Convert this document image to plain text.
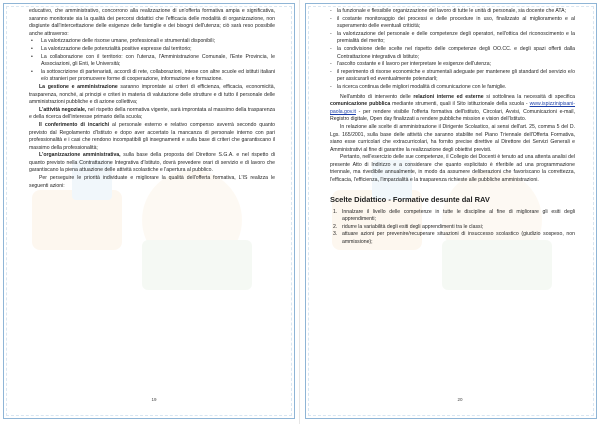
educativo, che amministrativo, concorrono alla realizzazione di un'offerta formativa ampia e significativa, saranno monitorate sia la qualità dei percorsi didattici che l'efficacia delle modalità di organizzazione, non disgiunte dall'intercettazione delle esigenze delle famiglie e dei bisogni dell'utenza; ciò sarà reso possibile anche attraverso:

• La valorizzazione delle risorse umane, professionali e strumentali disponibili;
• La valorizzazione delle potenzialità positive espresse dal territorio;
• La collaborazione con il territorio: con l'utenza, l'Amministrazione Comunale, l'Ente Provincia, le Associazioni, gli Enti, le Università;
• la sottoscrizione di partenariati, accordi di rete, collaborazioni, intese con altre scuole ed istituti italiani e/o stranieri per promuovere forme di cooperazione, informazione e formazione.

La gestione e amministrazione saranno improntate ai criteri di efficienza, efficacia, economicità, trasparenza, nonché, ai principi e criteri in materia di valutazione delle strutture e di tutto il personale delle amministrazioni pubbliche e di azione collettiva;

L'attività negoziale, nel rispetto della normativa vigente, sarà improntata al massimo della trasparenza e della ricerca dell'interesse primario della scuola;

Il conferimento di incarichi al personale esterno e relativo compenso avverrà secondo quanto previsto dal Regolamento d'Istituto e dopo aver accertato la mancanza di personale interno con pari professionalità e i casi che rendono incompatibili gli insegnamenti e sulla base di criteri che garantiscano il massimo della professionalità;

L'organizzazione amministrativa, sulla base della proposta del Direttore S.G.A. e nel rispetto di quanto previsto nella Contrattazione Integrativa d'Istituto, dovrà prevedere orari di servizio e di lavoro che garantiscano la piena attuazione delle attività scolastiche e l'apertura al pubblico.

Per perseguire le priorità individuate e migliorare la qualità dell'offerta formativa, L'IS realizza le seguenti azioni:

19
- la funzionale e flessibile organizzazione del lavoro di tutte le unità di personale, sia docente che ATA;
- il costante monitoraggio dei processi e delle procedure in uso, finalizzato al miglioramento e al superamento delle eventuali criticità;
- la valorizzazione del personale e delle competenze degli operatori, nell'ottica del riconoscimento e la premialità del merito;
- la condivisione delle scelte nel rispetto delle competenze degli OO.CC. e degli spazi offerti dalla Contrattazione integrativa di Istituto;
- l'ascolto costante e il lavoro per interpretare le esigenze dell'utenza;
- il reperimento di risorse economiche e strumentali adeguate per mantenere gli standard del servizio e/o per assicurarli ed eventualmente potenziarli;
- la ricerca continua delle migliori modalità di comunicazione con le famiglie.

Nell'ambito di intervento delle relazioni interne ed esterne si sottolinea la necessità di specifica comunicazione pubblica mediante strumenti, quali il Sito istituzionale della scuola - www.ispizzinipisani-paola.gov.it - per rendere visibile l'offerta formativa dell'istituto, Circolari, Avvisi, Comunicazioni e-mail, Registro digitale, Open day finalizzati a rendere pubbliche mission e vision dell'Istituto.

In relazione alle scelte di amministrazione il Dirigente Scolastico, ai sensi dell'art. 25, comma 5 del D. Lgs. 165/2001, sulla base delle attività che saranno stabilite nel Piano Triennale dell'Offerta Formativa, siano esse curricolari che extracurricolari, ha fornito precise direttive al Direttore dei Servizi Generali e Amministrativi al fine di garantire la realizzazione degli obiettivi previsti.

Pertanto, nell'esercizio delle sue competenze, il Collegio dei Docenti è tenuto ad una attenta analisi del presente Atto di Indirizzo e a considerare che quanto esplicitato è riferibile ad una programmazione triennale, ma rivedibile annualmente, in modo da assumere deliberazioni che favoriscano la correttezza, l'efficacia, l'efficienza, l'imparzialità e la trasparenza richieste alle pubbliche amministrazioni.

Scelte Didattico - Formative desunte dal RAV

1. Innalzare il livello delle competenze in tutte le discipline al fine di migliorare gli esiti degli apprendimenti;
2. ridurre la variabilità degli esiti degli apprendimenti tra le classi;
3. attuare azioni per prevenire/recuperare situazioni di insuccesso scolastico (giudizio sospeso, non ammissione);
20
